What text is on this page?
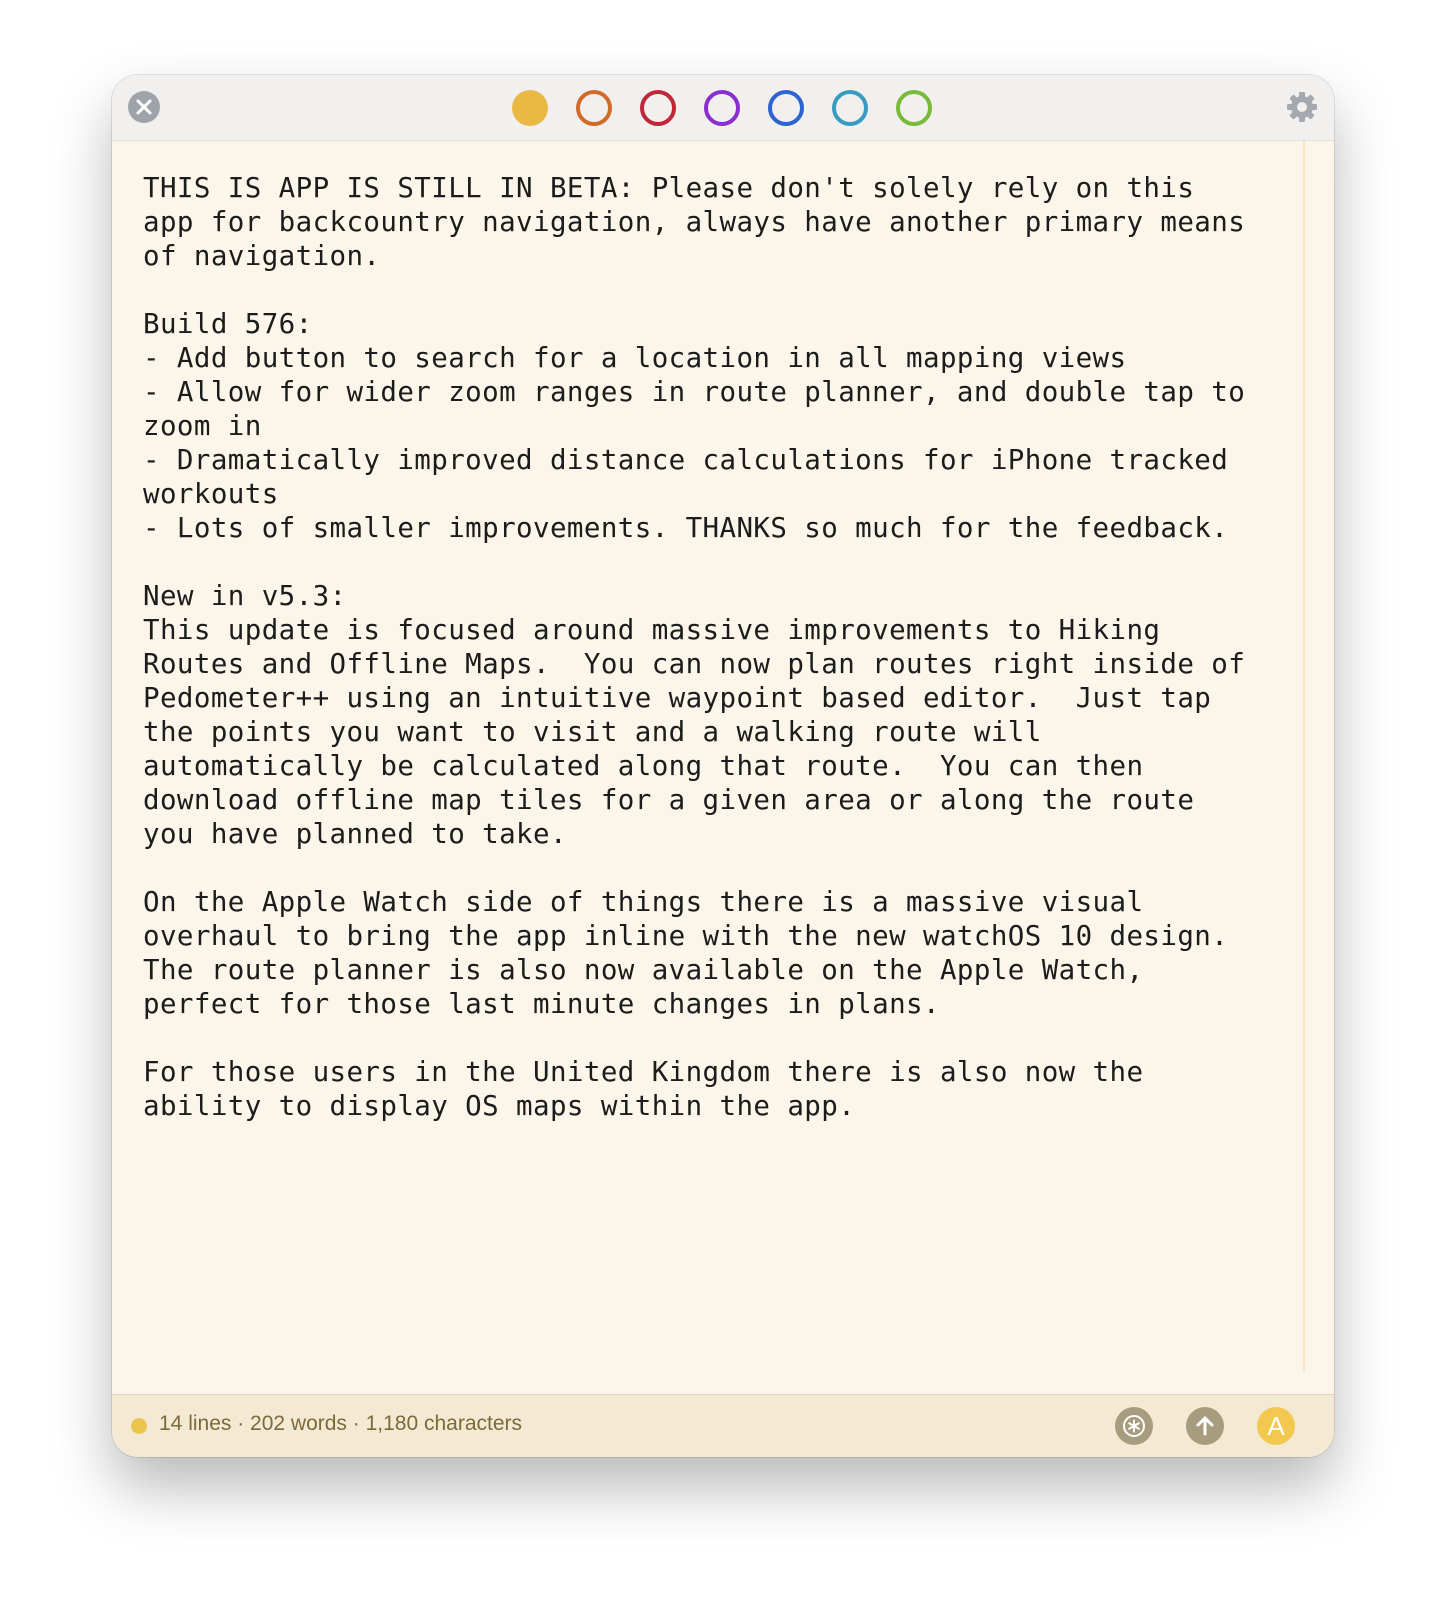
THIS IS APP IS STILL IN BETA: Please don't solely rely on this
app for backcountry navigation, always have another primary means
of navigation.

Build 576:
- Add button to search for a location in all mapping views
- Allow for wider zoom ranges in route planner, and double tap to
zoom in
- Dramatically improved distance calculations for iPhone tracked
workouts
- Lots of smaller improvements. THANKS so much for the feedback.

New in v5.3:
This update is focused around massive improvements to Hiking
Routes and Offline Maps.  You can now plan routes right inside of
Pedometer++ using an intuitive waypoint based editor.  Just tap
the points you want to visit and a walking route will
automatically be calculated along that route.  You can then
download offline map tiles for a given area or along the route
you have planned to take.

On the Apple Watch side of things there is a massive visual
overhaul to bring the app inline with the new watchOS 10 design.
The route planner is also now available on the Apple Watch,
perfect for those last minute changes in plans.

For those users in the United Kingdom there is also now the
ability to display OS maps within the app.
14 lines · 202 words · 1,180 characters	A
